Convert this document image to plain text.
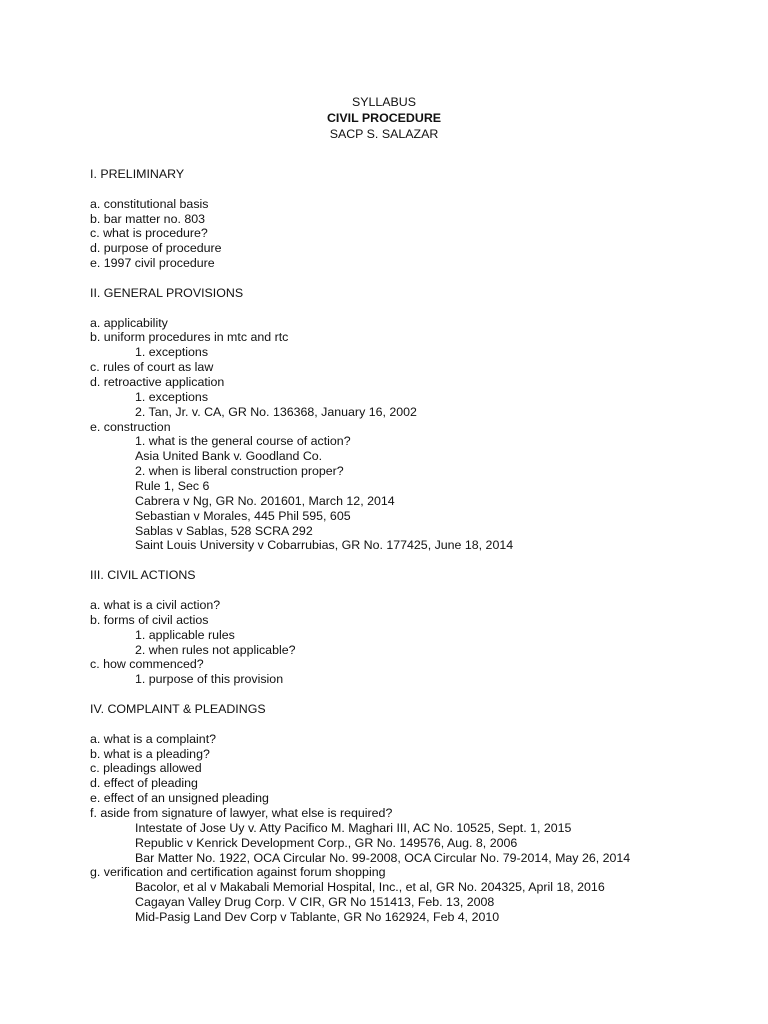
SYLLABUS
CIVIL PROCEDURE
SACP S. SALAZAR
I. PRELIMINARY
a. constitutional basis
b. bar matter no. 803
c. what is procedure?
d. purpose of procedure
e. 1997 civil procedure
II. GENERAL PROVISIONS
a. applicability
b. uniform procedures in mtc and rtc
1. exceptions
c. rules of court as law
d. retroactive application
1. exceptions
2. Tan, Jr. v. CA, GR No. 136368, January 16, 2002
e. construction
1. what is the general course of action?
Asia United Bank v. Goodland Co.
2. when is liberal construction proper?
Rule 1, Sec 6
Cabrera v Ng, GR No. 201601, March 12, 2014
Sebastian v Morales, 445 Phil 595, 605
Sablas v Sablas, 528 SCRA 292
Saint Louis University v Cobarrubias, GR No. 177425, June 18, 2014
III. CIVIL ACTIONS
a. what is a civil action?
b. forms of civil actios
1. applicable rules
2. when rules not applicable?
c. how commenced?
1. purpose of this provision
IV. COMPLAINT & PLEADINGS
a. what is a complaint?
b. what is a pleading?
c. pleadings allowed
d. effect of pleading
e. effect of an unsigned pleading
f. aside from signature of lawyer, what else is required?
Intestate of Jose Uy v. Atty Pacifico M. Maghari III, AC No. 10525, Sept. 1, 2015
Republic v Kenrick Development Corp., GR No. 149576, Aug. 8, 2006
Bar Matter No. 1922, OCA Circular No. 99-2008, OCA Circular No. 79-2014, May 26, 2014
g. verification and certification against forum shopping
Bacolor, et al v Makabali Memorial Hospital, Inc., et al, GR No. 204325, April 18, 2016
Cagayan Valley Drug Corp. V CIR, GR No 151413, Feb. 13, 2008
Mid-Pasig Land Dev Corp v Tablante, GR No 162924, Feb 4, 2010
